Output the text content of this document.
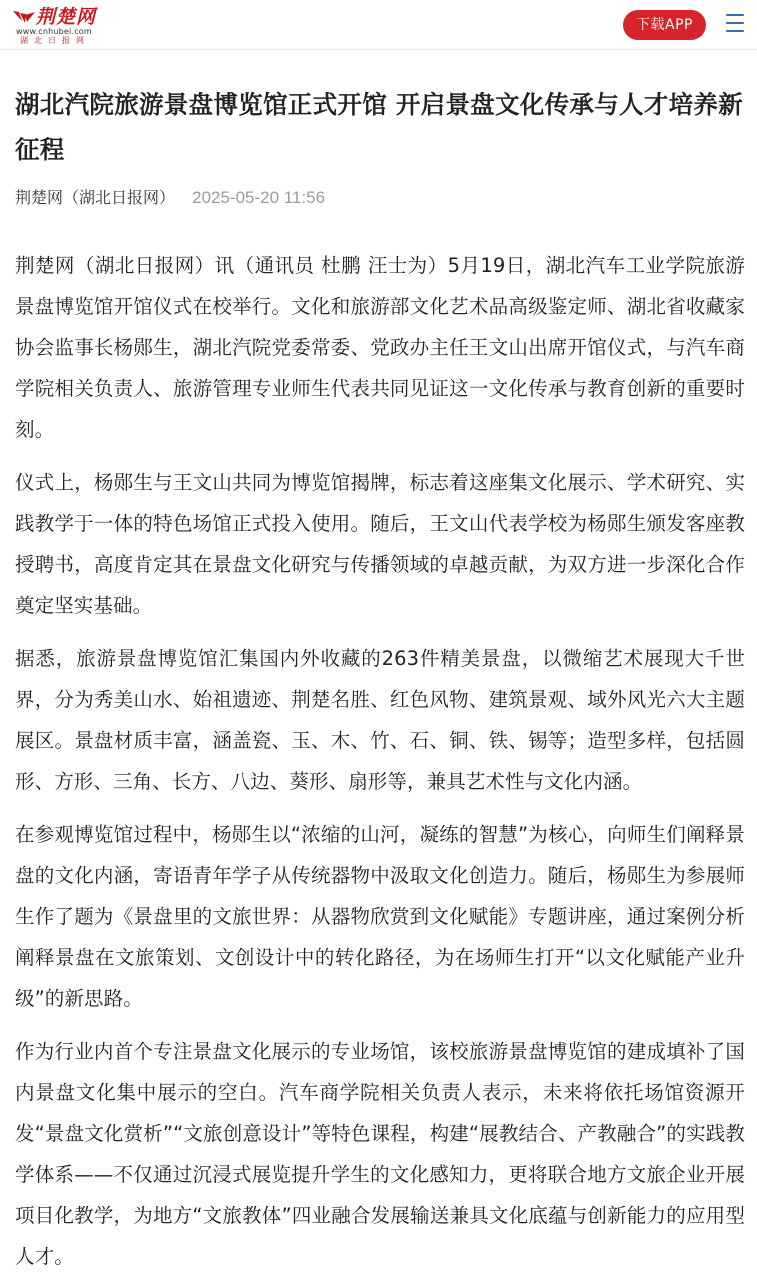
荆楚网
www.cnhubei.com
湖北日报网
下载APP
湖北汽院旅游景盘博览馆正式开馆 开启景盘文化传承与人才培养新征程
荆楚网（湖北日报网） 2025-05-20 11:56

荆楚网（湖北日报网）讯（通讯员 杜鹏 汪士为）5月19日，湖北汽车工业学院旅游景盘博览馆开馆仪式在校举行。文化和旅游部文化艺术品高级鉴定师、湖北省收藏家协会监事长杨郧生，湖北汽院党委常委、党政办主任王文山出席开馆仪式，与汽车商学院相关负责人、旅游管理专业师生代表共同见证这一文化传承与教育创新的重要时刻。

仪式上，杨郧生与王文山共同为博览馆揭牌，标志着这座集文化展示、学术研究、实践教学于一体的特色场馆正式投入使用。随后，王文山代表学校为杨郧生颁发客座教授聘书，高度肯定其在景盘文化研究与传播领域的卓越贡献，为双方进一步深化合作奠定坚实基础。

据悉，旅游景盘博览馆汇集国内外收藏的263件精美景盘，以微缩艺术展现大千世界，分为秀美山水、始祖遗迹、荆楚名胜、红色风物、建筑景观、域外风光六大主题展区。景盘材质丰富，涵盖瓷、玉、木、竹、石、铜、铁、锡等；造型多样，包括圆形、方形、三角、长方、八边、葵形、扇形等，兼具艺术性与文化内涵。

在参观博览馆过程中，杨郧生以“浓缩的山河，凝练的智慧”为核心，向师生们阐释景盘的文化内涵，寄语青年学子从传统器物中汲取文化创造力。随后，杨郧生为参展师生作了题为《景盘里的文旅世界：从器物欣赏到文化赋能》专题讲座，通过案例分析阐释景盘在文旅策划、文创设计中的转化路径，为在场师生打开“以文化赋能产业升级”的新思路。

作为行业内首个专注景盘文化展示的专业场馆，该校旅游景盘博览馆的建成填补了国内景盘文化集中展示的空白。汽车商学院相关负责人表示，未来将依托场馆资源开发“景盘文化赏析”“文旅创意设计”等特色课程，构建“展教结合、产教融合”的实践教学体系——不仅通过沉浸式展览提升学生的文化感知力，更将联合地方文旅企业开展项目化教学，为地方“文旅教体”四业融合发展输送兼具文化底蕴与创新能力的应用型人才。
